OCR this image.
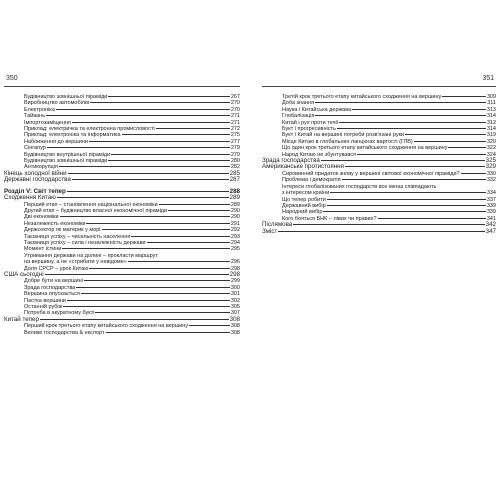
350
Будівництво зовнішньої піраміди	267
Виробництво автомобілів	270
Електроніка	270
Тайвань	271
Імпортозаміщення	271
Приклад: електричка та електронна промисловості	272
Приклад: електроніка та інформатика	275
Наближення до вершини	277
Сінгапур	279
Будівництво внутрішньої піраміди	279
Будівництво зовнішньої піраміди	280
Антикорупція	282
Кінець холодної війни	285
Державні господарства	287
Розділ V: Світ тепер	288
Сходження Китаю	289
Перший етап – становлення національної економіки	289
Другий етап – будівництво власної економічної піраміди	290
Дві економіки	290
Незалежність економіки	291
Держсектор як материк у морі	292
Таємниця успіху – чисельність населення	293
Таємниця успіху – сила і незалежність держави	294
Момент істини	295
Утримання держави на долині – прокласти маршрут
на вершину, а не «стрибати у невідоме»	296
Доля СРСР – урок Китаю	298
США сьогодні	298
Добре бути на вершині	299
Зрада господарства	300
Вершина опускається	301
Пастка вершини	302
Останній рубіж	305
Потреба в акуратному букті	307
Китай тепер	308
Перший крок третього етапу китайського сходження на вершину	308
Велике господарства & експорт	308
351
Третій крок третього етапу китайського сходження на вершину	309
Доба знання	311
Наука і Китайська держава	313
Глобалізація	314
Китай і рух проти течії	312
Букт і прогресивність	314
Букт і Китай на вершині потреби розв'язані руки	319
Місце Китаю в глобальних ланцюгах вартості (ГЛВ)	320
Що один крок третього етапу китайського сходження на вершину	322
Народ Китаю не збунтувався	324
Зрада господарства	325
Американське протистояння	329
Сировинний придаток знову у вершині світової економічної піраміди?	330
Проблема і демократія	332
Інтереси глобалізованих господарств все менш співпадають
з інтересом країни	334
Що тепер робити	337
Державний вибір	339
Народний вибір	339
Кого бояться БНК – лівих чи правих?	341
Післямова	342
Зміст	347
